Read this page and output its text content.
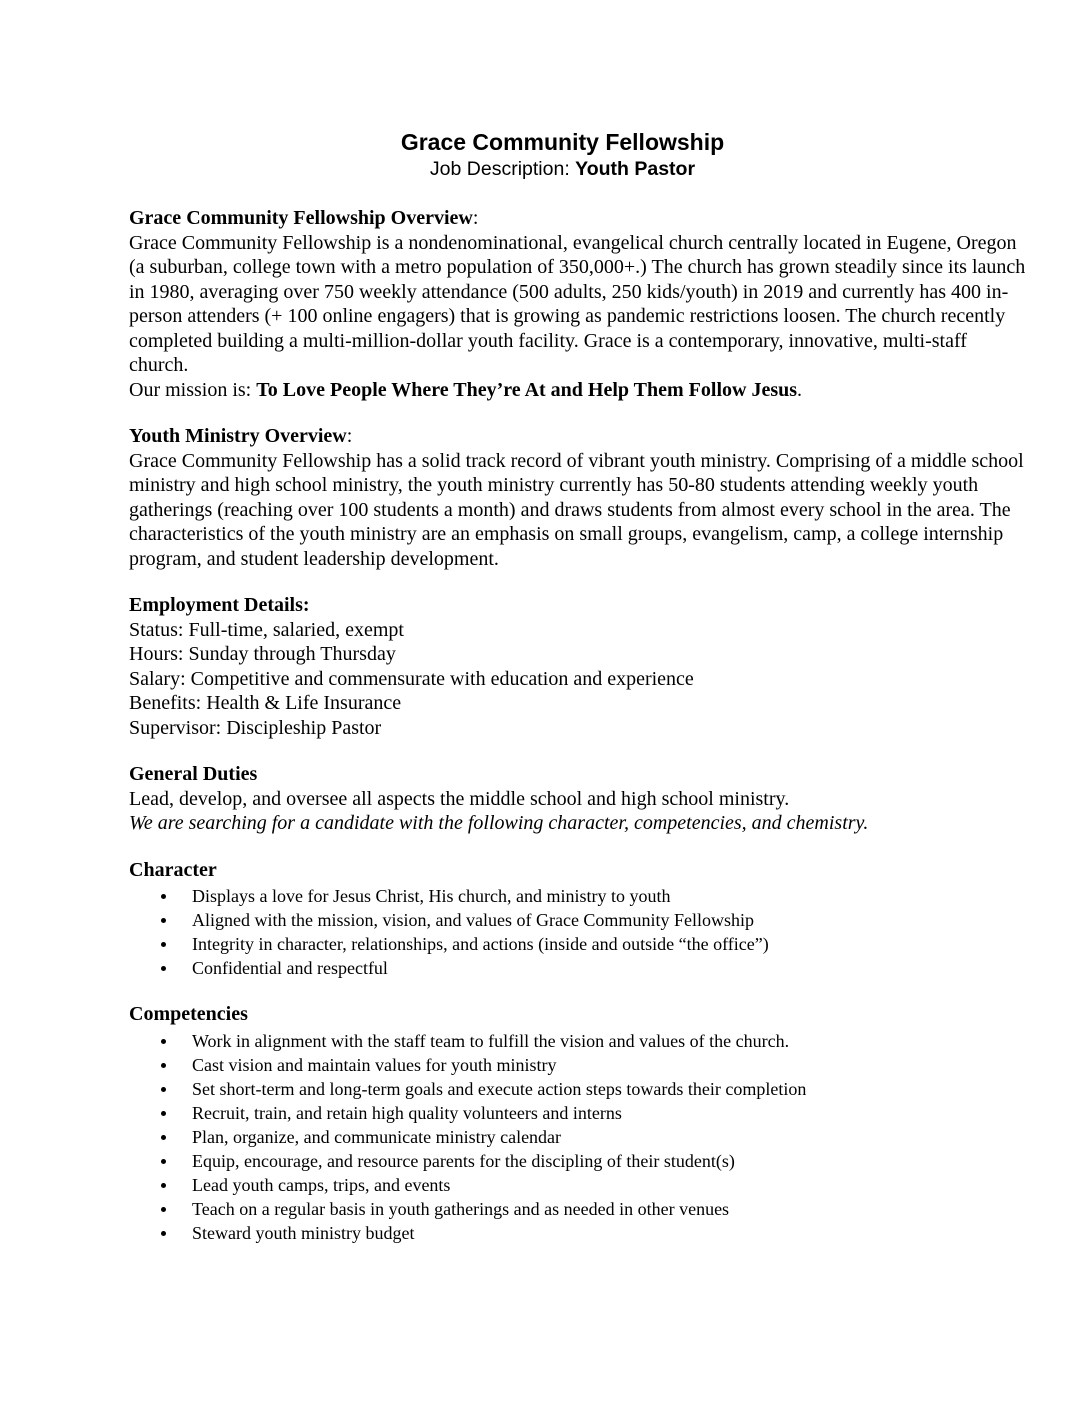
Grace Community Fellowship
Job Description: Youth Pastor

Grace Community Fellowship Overview:

Grace Community Fellowship is a nondenominational, evangelical church centrally located in Eugene, Oregon (a suburban, college town with a metro population of 350,000+.) The church has grown steadily since its launch in 1980, averaging over 750 weekly attendance (500 adults, 250 kids/youth) in 2019 and currently has 400 in-person attenders (+ 100 online engagers) that is growing as pandemic restrictions loosen. The church recently completed building a multi-million-dollar youth facility. Grace is a contemporary, innovative, multi-staff church.

Our mission is: To Love People Where They’re At and Help Them Follow Jesus.

Youth Ministry Overview:

Grace Community Fellowship has a solid track record of vibrant youth ministry. Comprising of a middle school ministry and high school ministry, the youth ministry currently has 50-80 students attending weekly youth gatherings (reaching over 100 students a month) and draws students from almost every school in the area. The characteristics of the youth ministry are an emphasis on small groups, evangelism, camp, a college internship program, and student leadership development.

Employment Details:

Status: Full-time, salaried, exempt

Hours: Sunday through Thursday

Salary: Competitive and commensurate with education and experience

Benefits: Health & Life Insurance

Supervisor: Discipleship Pastor

General Duties

Lead, develop, and oversee all aspects the middle school and high school ministry.

We are searching for a candidate with the following character, competencies, and chemistry.

Character

Displays a love for Jesus Christ, His church, and ministry to youth
Aligned with the mission, vision, and values of Grace Community Fellowship
Integrity in character, relationships, and actions (inside and outside “the office”)
Confidential and respectful

Competencies

Work in alignment with the staff team to fulfill the vision and values of the church.
Cast vision and maintain values for youth ministry
Set short-term and long-term goals and execute action steps towards their completion
Recruit, train, and retain high quality volunteers and interns
Plan, organize, and communicate ministry calendar
Equip, encourage, and resource parents for the discipling of their student(s)
Lead youth camps, trips, and events
Teach on a regular basis in youth gatherings and as needed in other venues
Steward youth ministry budget
